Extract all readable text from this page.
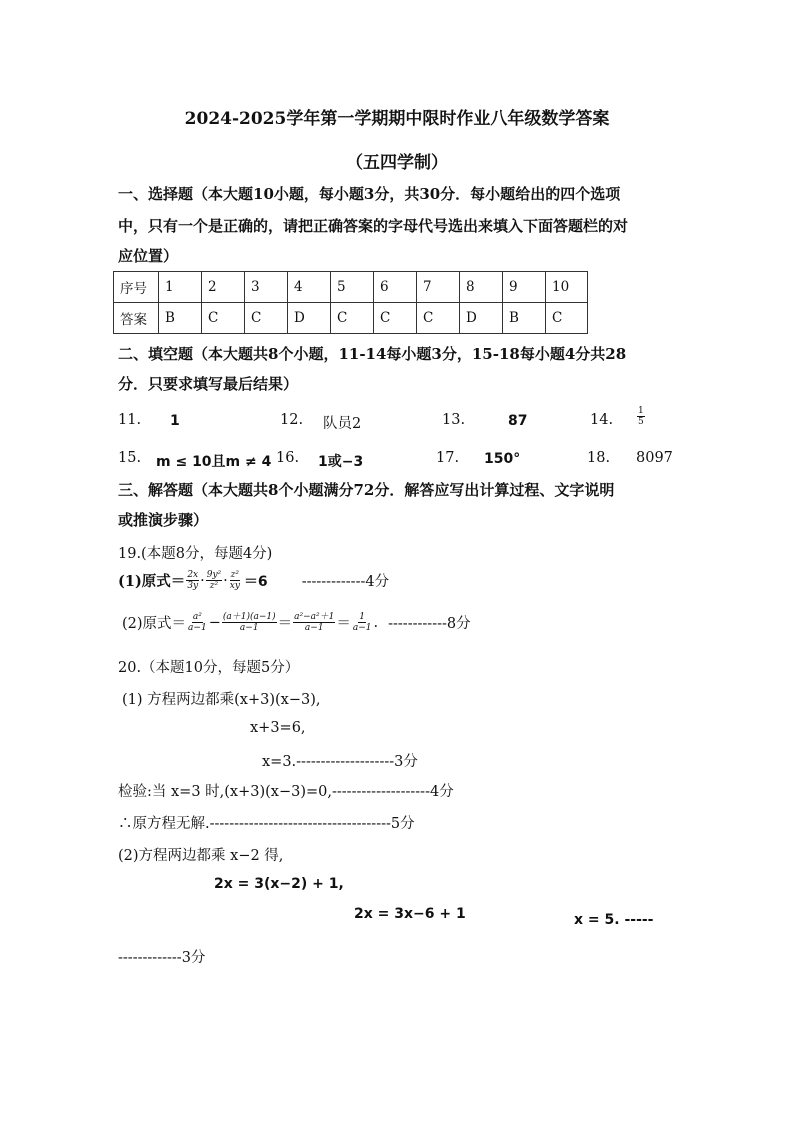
2024-2025学年第一学期期中限时作业八年级数学答案
（五四学制）
一、选择题（本大题10小题，每小题3分，共30分．每小题给出的四个选项
中，只有一个是正确的，请把正确答案的字母代号选出来填入下面答题栏的对
应位置）
序号	1	2	3	4	5	6	7	8	9	10
答案	B	C	C	D	C	C	C	D	B	C
二、填空题（本大题共8个小题，11-14每小题3分，15-18每小题4分共28
分．只要求填写最后结果）
11. 1	12. 队员2	13.	87	14.	$\frac{1}{5}$
15. m ≤ 10且m ≠ 4 16. 1或−3	17. 150°	18. 8097
三、解答题（本大题共8个小题满分72分．解答应写出计算过程、文字说明
或推演步骤）
19.(本题8分，每题4分)
(1)原式＝ $\frac{2x}{3y} \cdot \frac{\text{9y²}}{\text{z²}} \cdot \frac{\text{z²}}{xy} =6$ -------------4分
(2)原式＝ $\frac{\text{a²}}{a-1} - \frac{(a+1)(a-1)}{a-1} = \frac{\text{a²−a²＋1}}{a-1} = \frac{1}{a-1}$ . ------------8分
20.（本题10分，每题5分）
(1) 方程两边都乘(x+3)(x−3),
x+3=6,
x=3.--------------------3分
检验:当 x=3 时,(x+3)(x−3)=0,--------------------4分
∴原方程无解.-------------------------------------5分
(2)方程两边都乘 x−2 得,
2x = 3(x−2) + 1,
2x = 3x−6 + 1	x = 5. -----
-------------3分
